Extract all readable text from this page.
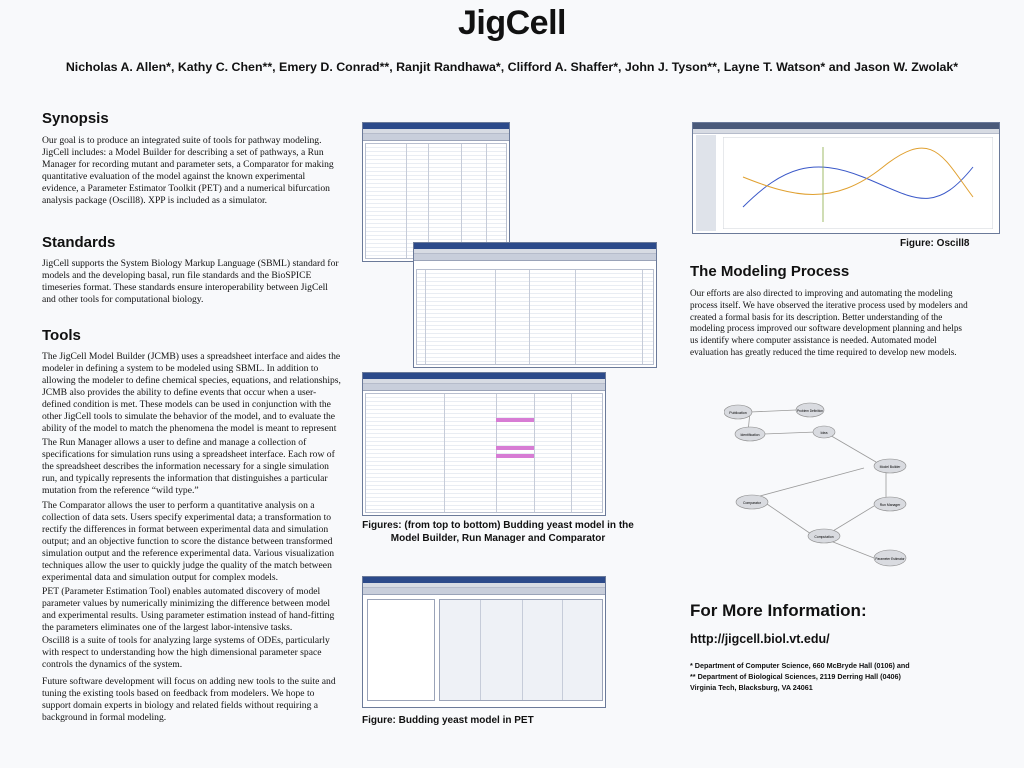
JigCell
Nicholas A. Allen*, Kathy C. Chen**, Emery D. Conrad**, Ranjit Randhawa*, Clifford A. Shaffer*, John J. Tyson**, Layne T. Watson* and Jason W. Zwolak*
Synopsis

Our goal is to produce an integrated suite of tools for pathway modeling. JigCell includes: a Model Builder for describing a set of pathways, a Run Manager for recording mutant and parameter sets, a Comparator for making quantitative evaluation of the model against the known experimental evidence, a Parameter Estimator Toolkit (PET) and a numerical bifurcation analysis package (Oscill8). XPP is included as a simulator.

Standards

JigCell supports the System Biology Markup Language (SBML) standard for models and the developing basal, run file standards and the BioSPICE timeseries format. These standards ensure interoperability between JigCell and other tools for computational biology.

Tools

The JigCell Model Builder (JCMB) uses a spreadsheet interface and aides the modeler in defining a system to be modeled using SBML. In addition to allowing the modeler to define chemical species, equations, and relationships, JCMB also provides the ability to define events that occur when a user-defined condition is met. These models can be used in conjunction with the other JigCell tools to simulate the behavior of the model, and to evaluate the ability of the model to match the phenomena the model is meant to represent

The Run Manager allows a user to define and manage a collection of specifications for simulation runs using a spreadsheet interface. Each row of the spreadsheet describes the information necessary for a single simulation run, and typically represents the information that distinguishes a particular mutation from the reference “wild type.”

The Comparator allows the user to perform a quantitative analysis on a collection of data sets. Users specify experimental data; a transformation to rectify the differences in format between experimental data and simulation output; and an objective function to score the distance between transformed simulation output and the reference experimental data. Various visualization techniques allow the user to quickly judge the quality of the match between experimental data and simulation output for complex models.

PET (Parameter Estimation Tool) enables automated discovery of model parameter values by numerically minimizing the difference between model and experimental results. Using parameter estimation instead of hand-fitting the parameters eliminates one of the largest labor-intensive tasks.

Oscill8 is a suite of tools for analyzing large systems of ODEs, particularly with respect to understanding how the high dimensional parameter space controls the dynamics of the system.

Future software development will focus on adding new tools to the suite and tuning the existing tools based on feedback from modelers. We hope to support domain experts in biology and related fields without requiring a background in formal modeling.

Figures: (from top to bottom) Budding yeast model in the Model Builder, Run Manager and Comparator
Figure: Budding yeast model in PET
Figure: Oscill8
The Modeling Process

Our efforts are also directed to improving and automating the modeling process itself. We have observed the iterative process used by modelers and created a formal basis for its description. Better understanding of the modeling process improved our software development planning and helps us identify where computer assistance is needed. Automated model evaluation has greatly reduced the time required to develop new models.

Publication	Problem Definition
Identification	Idea
Model Builder
Run Manager
Comparator
Computation
Parameter Estimator
For More Information:
http://jigcell.biol.vt.edu/
* Department of Computer Science, 660 McBryde Hall (0106) and
** Department of Biological Sciences, 2119 Derring Hall (0406)
Virginia Tech, Blacksburg, VA 24061
